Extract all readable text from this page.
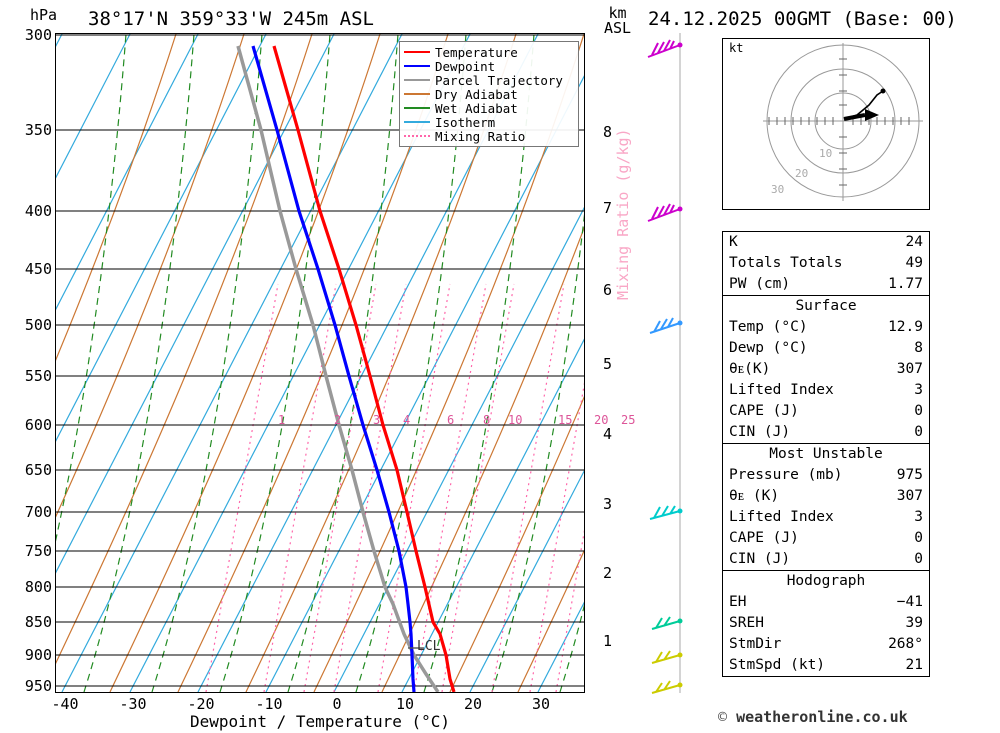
hPa 38°17'N 359°33'W 245m ASL	km
ASL 24.12.2025 00GMT (Base: 00)
Temperature
Dewpoint
Parcel Trajectory
Dry Adiabat
Wet Adiabat
Isotherm
Mixing Ratio
1	2	3 4	6 8 10	15 20 25
LCL
300
350
400
450
500
550
600
650
700
750
800
850
900
950
-40	-30	-20	-10	0	10	20	30
Dewpoint / Temperature (°C)
8
7
6
5
4
3
2
1
Mixing Ratio (g/kg)
kt
10
20
30
K	24
Totals Totals	49
PW (cm)	1.77
Surface
Temp (°C)	12.9
Dewp (°C)	8
θᴇ(K)	307
Lifted Index	3
CAPE (J)	0
CIN (J)	0
Most Unstable
Pressure (mb)	975
θᴇ (K)	307
Lifted Index	3
CAPE (J)	0
CIN (J)	0
Hodograph
EH	−41
SREH	39
StmDir	268°
StmSpd (kt)	21
© weatheronline.co.uk
